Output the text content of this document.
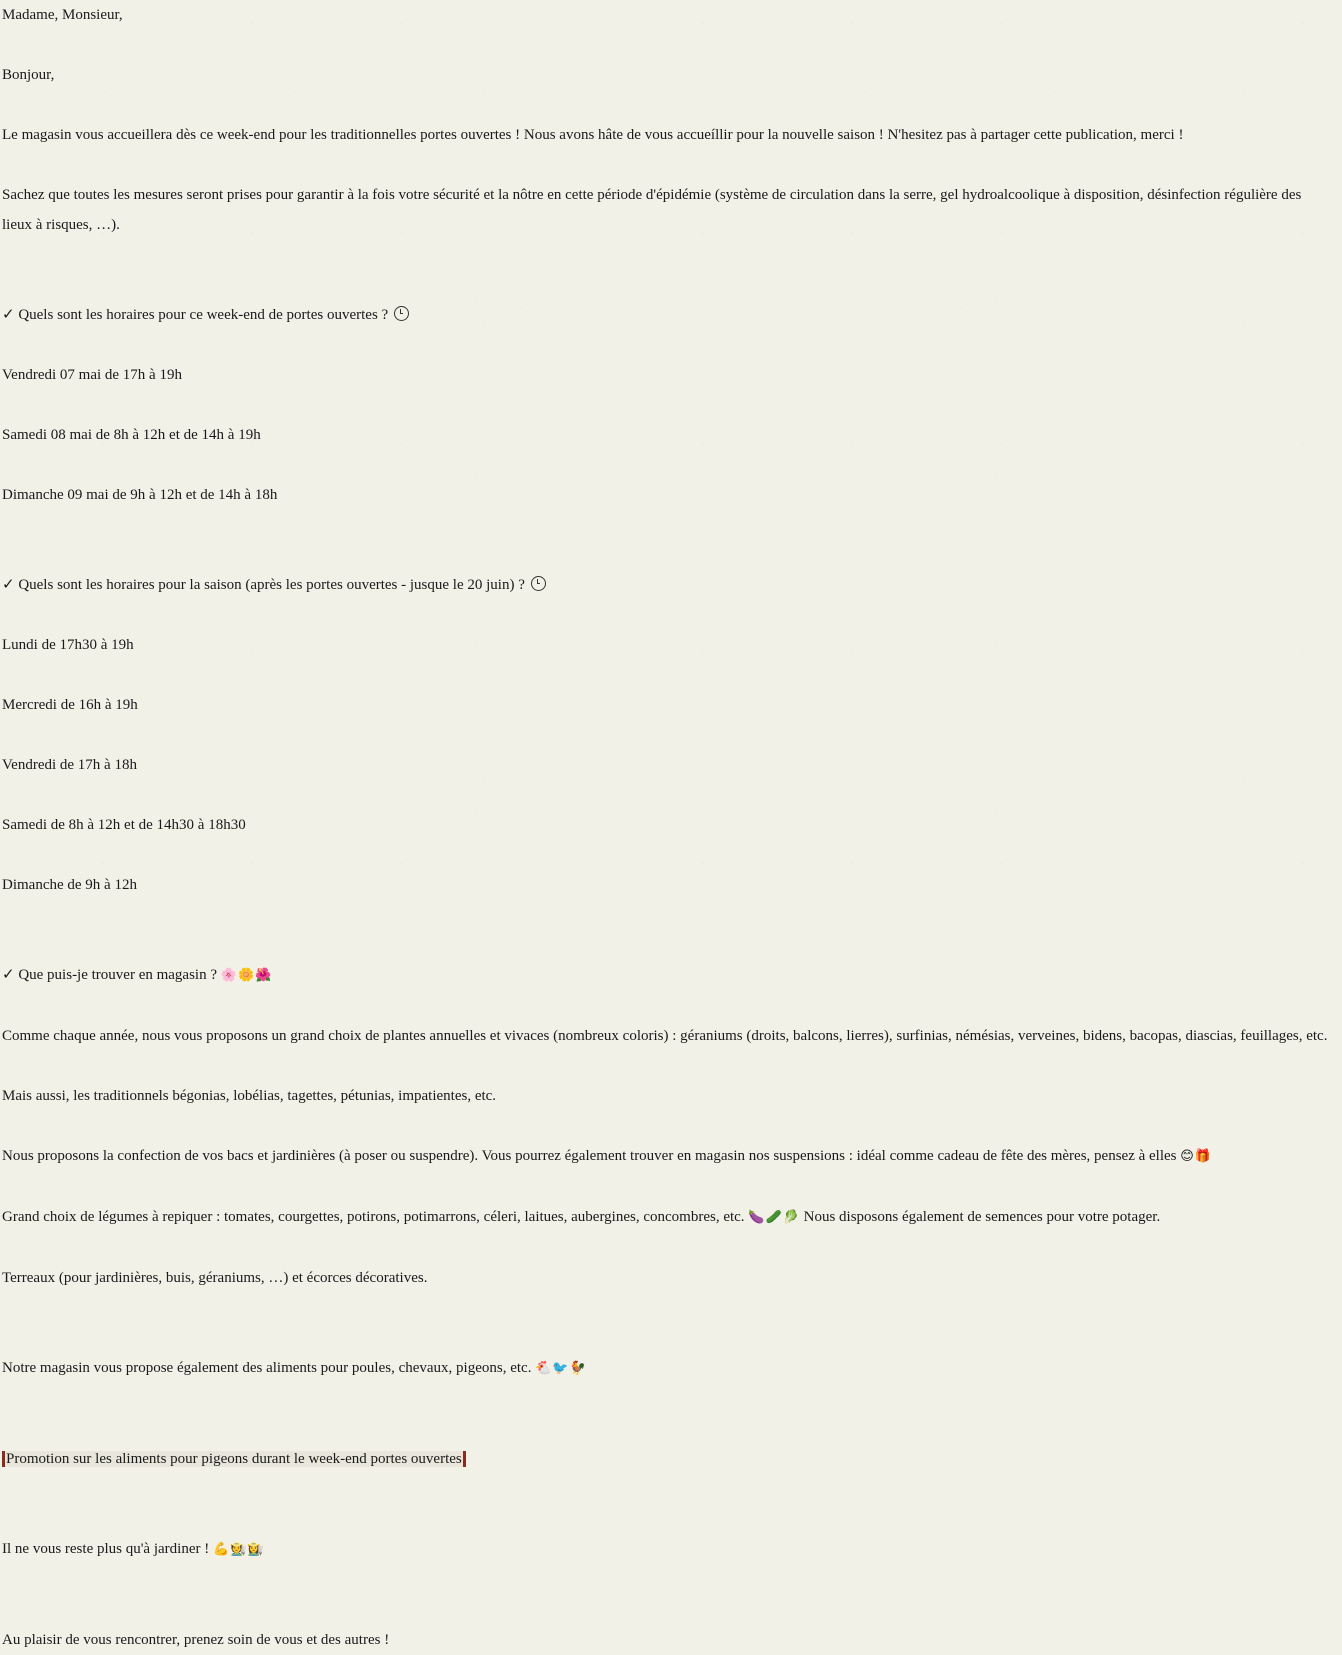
Madame, Monsieur,

Bonjour,

Le magasin vous accueillera dès ce week-end pour les traditionnelles portes ouvertes ! Nous avons hâte de vous accueíllir pour la nouvelle saison ! N'hesitez pas à partager cette publication, merci !

Sachez que toutes les mesures seront prises pour garantir à la fois votre sécurité et la nôtre en cette période d'épidémie (système de circulation dans la serre, gel hydroalcoolique à disposition, désinfection régulière des lieux à risques, …).

✓ Quels sont les horaires pour ce week-end de portes ouvertes ?

Vendredi 07 mai de 17h à 19h

Samedi 08 mai de 8h à 12h et de 14h à 19h

Dimanche 09 mai de 9h à 12h et de 14h à 18h

✓ Quels sont les horaires pour la saison (après les portes ouvertes - jusque le 20 juin) ?

Lundi de 17h30 à 19h

Mercredi de 16h à 19h

Vendredi de 17h à 18h

Samedi de 8h à 12h et de 14h30 à 18h30

Dimanche de 9h à 12h

✓ Que puis-je trouver en magasin ? 🌸🌼🌺

Comme chaque année, nous vous proposons un grand choix de plantes annuelles et vivaces (nombreux coloris) : géraniums (droits, balcons, lierres), surfinias, némésias, verveines, bidens, bacopas, diascias, feuillages, etc.

Mais aussi, les traditionnels bégonias, lobélias, tagettes, pétunias, impatientes, etc.

Nous proposons la confection de vos bacs et jardinières (à poser ou suspendre). Vous pourrez également trouver en magasin nos suspensions : idéal comme cadeau de fête des mères, pensez à elles 😊🎁

Grand choix de légumes à repiquer : tomates, courgettes, potirons, potimarrons, céleri, laitues, aubergines, concombres, etc. 🍆🥒🥬 Nous disposons également de semences pour votre potager.

Terreaux (pour jardinières, buis, géraniums, …) et écorces décoratives.

Notre magasin vous propose également des aliments pour poules, chevaux, pigeons, etc. 🐔🐦🐓

Promotion sur les aliments pour pigeons durant le week-end portes ouvertes

Il ne vous reste plus qu'à jardiner ! 💪🧑‍🌾👩‍🌾

Au plaisir de vous rencontrer, prenez soin de vous et des autres !
